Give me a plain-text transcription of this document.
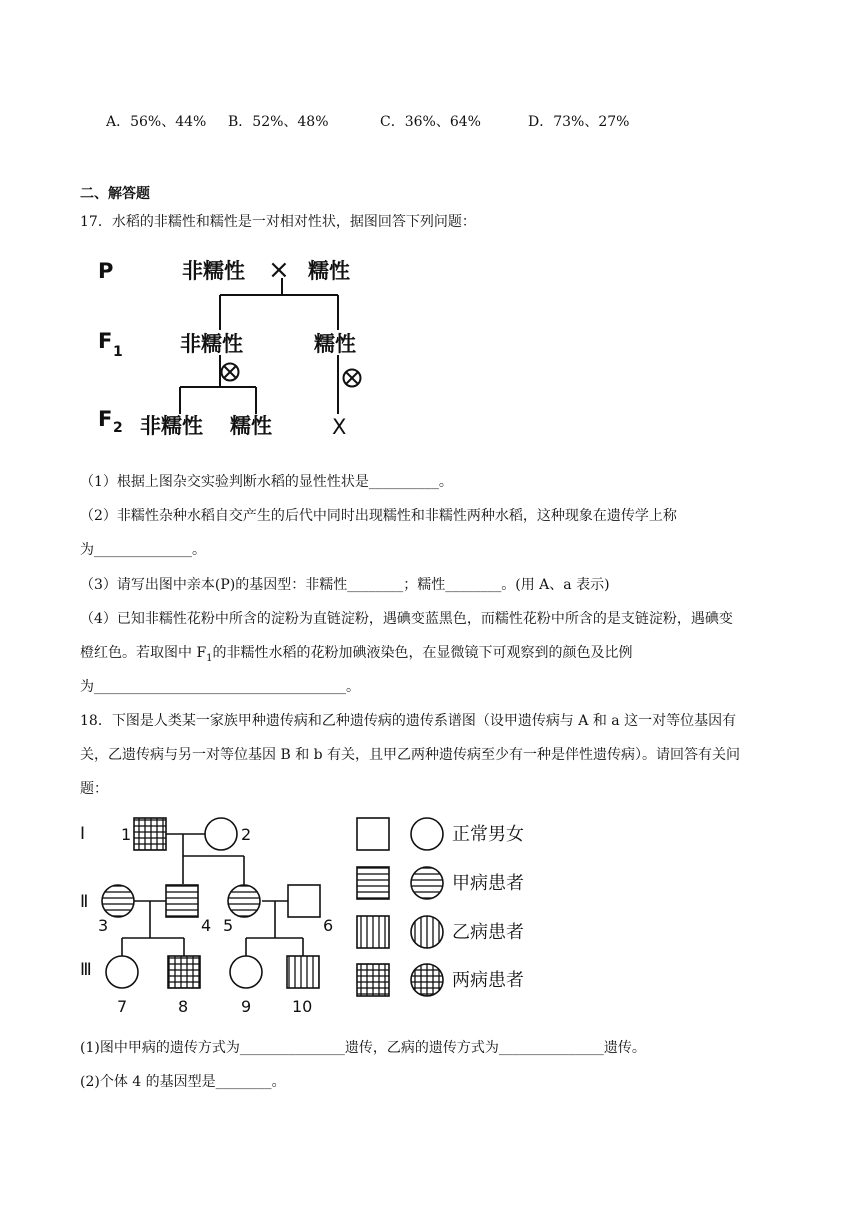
A．56%、44% B．52%、48%	C．36%、64%	D．73%、27%
二、解答题
17．水稻的非糯性和糯性是一对相对性状，据图回答下列问题：
P
F 1
F 2
非糯性 × 糯性
非糯性	糯性
非糯性 糯性	X
（1）根据上图杂交实验判断水稻的显性性状是__________。
（2）非糯性杂种水稻自交产生的后代中同时出现糯性和非糯性两种水稻，这种现象在遗传学上称
为______________。
（3）请写出图中亲本(P)的基因型：非糯性________；糯性________。(用 A、a 表示)
（4）已知非糯性花粉中所含的淀粉为直链淀粉，遇碘变蓝黑色，而糯性花粉中所含的是支链淀粉，遇碘变
橙红色。若取图中 $F_1$的非糯性水稻的花粉加碘液染色，在显微镜下可观察到的颜色及比例
为____________________________________。
18．下图是人类某一家族甲种遗传病和乙种遗传病的遗传系谱图（设甲遗传病与 A 和 a 这一对等位基因有
关，乙遗传病与另一对等位基因 B 和 b 有关，且甲乙两种遗传病至少有一种是伴性遗传病）。请回答有关问
题：
Ⅰ
Ⅱ
Ⅲ
1	2
3	4 5	6
7	8	9	10
正常男女
甲病患者
乙病患者
两病患者
(1)图中甲病的遗传方式为_______________遗传，乙病的遗传方式为_______________遗传。
(2)个体 4 的基因型是________。
